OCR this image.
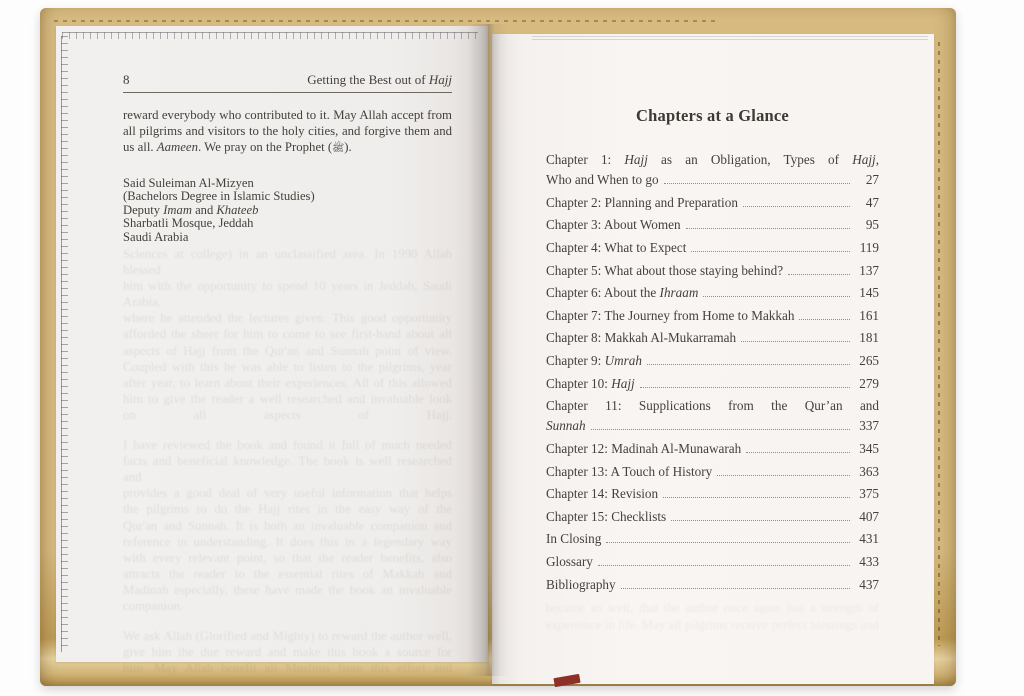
Sciences at college) in an unclassified area. In 1990 Allah blessed
him with the opportunity to spend 10 years in Jeddah, Saudi Arabia,
where he attended the lectures given. This good opportunity
afforded the sheer for him to come to see first-hand about all
aspects of Hajj from the Qur'an and Sunnah point of view.
Coupled with this he was able to listen to the pilgrims, year
after year, to learn about their experiences. All of this allowed
him to give the reader a well researched and invaluable look
on all aspects of Hajj.
I have reviewed the book and found it full of much needed
facts and beneficial knowledge. The book is well researched and
provides a good deal of very useful information that helps
the pilgrims to do the Hajj rites in the easy way of the
Qur'an and Sunnah. It is both an invaluable companion and
reference in understanding. It does this in a legendary way
with every relevant point, so that the reader benefits, also
attracts the reader to the essential rites of Makkah and
Madinah especially, these have made the book an invaluable
companion.
We ask Allah (Glorified and Mighty) to reward the author well,
give him the due reward and make this book a source for
him. May Allah benefit all Muslims from this effort and
8	Getting the Best out of Hajj
reward everybody who contributed to it. May Allah accept from all pilgrims and visitors to the holy cities, and forgive them and us all. Aameen. We pray on the Prophet (ﷺ).
Said Suleiman Al-Mizyen
(Bachelors Degree in Islamic Studies)
Deputy Imam and Khateeb
Sharbatli Mosque, Jeddah
Saudi Arabia
Chapters at a Glance
Chapter 1: Hajj as an Obligation, Types of Hajj,
Who and When to go	27
Chapter 2: Planning and Preparation	47
Chapter 3: About Women	95
Chapter 4: What to Expect	119
Chapter 5: What about those staying behind?	137
Chapter 6: About the Ihraam	145
Chapter 7: The Journey from Home to Makkah	161
Chapter 8: Makkah Al-Mukarramah	181
Chapter 9: Umrah	265
Chapter 10: Hajj	279
Chapter 11: Supplications from the Qur’an and
Sunnah	337
Chapter 12: Madinah Al-Munawarah	345
Chapter 13: A Touch of History	363
Chapter 14: Revision	375
Chapter 15: Checklists	407
In Closing	431
Glossary	433
Bibliography	437
became so well, that the author once again has a strength of
experience in life. May all pilgrims receive perfect blessings and
